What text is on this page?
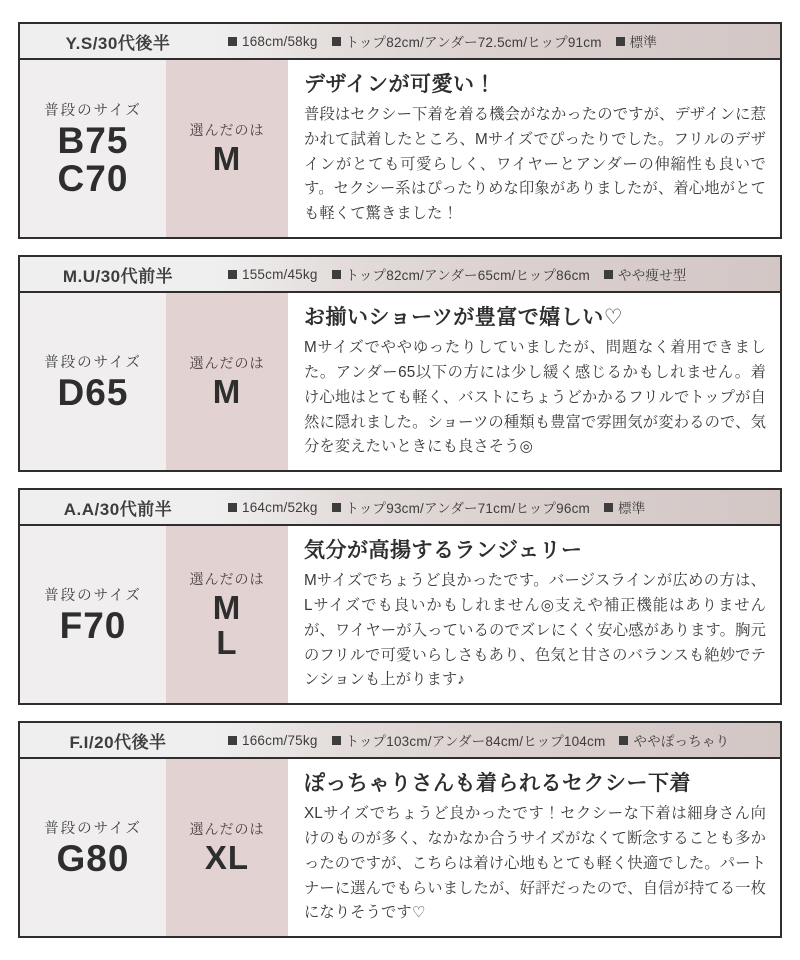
Y.S/30代後半	168cm/58kg トップ82cm/アンダー72.5cm/ヒップ91cm 標準
普段のサイズ
B75
C70
選んだのは
M
デザインが可愛い！
普段はセクシー下着を着る機会がなかったのですが、デザインに惹かれて試着したところ、Mサイズでぴったりでした。フリルのデザインがとても可愛らしく、ワイヤーとアンダーの伸縮性も良いです。セクシー系はぴったりめな印象がありましたが、着心地がとても軽くて驚きました！
M.U/30代前半	155cm/45kg トップ82cm/アンダー65cm/ヒップ86cm やや痩せ型
普段のサイズ
D65
選んだのは
M
お揃いショーツが豊富で嬉しい♡
Mサイズでややゆったりしていましたが、問題なく着用できました。アンダー65以下の方には少し緩く感じるかもしれません。着け心地はとても軽く、バストにちょうどかかるフリルでトップが自然に隠れました。ショーツの種類も豊富で雰囲気が変わるので、気分を変えたいときにも良さそう◎
A.A/30代前半	164cm/52kg トップ93cm/アンダー71cm/ヒップ96cm 標準
普段のサイズ
F70
選んだのは
M
L
気分が高揚するランジェリー
Mサイズでちょうど良かったです。バージスラインが広めの方は、Lサイズでも良いかもしれません◎支えや補正機能はありませんが、ワイヤーが入っているのでズレにくく安心感があります。胸元のフリルで可愛いらしさもあり、色気と甘さのバランスも絶妙でテンションも上がります♪
F.I/20代後半	166cm/75kg トップ103cm/アンダー84cm/ヒップ104cm ややぽっちゃり
普段のサイズ
G80
選んだのは
XL
ぽっちゃりさんも着られるセクシー下着
XLサイズでちょうど良かったです！セクシーな下着は細身さん向けのものが多く、なかなか合うサイズがなくて断念することも多かったのですが、こちらは着け心地もとても軽く快適でした。パートナーに選んでもらいましたが、好評だったので、自信が持てる一枚になりそうです♡
